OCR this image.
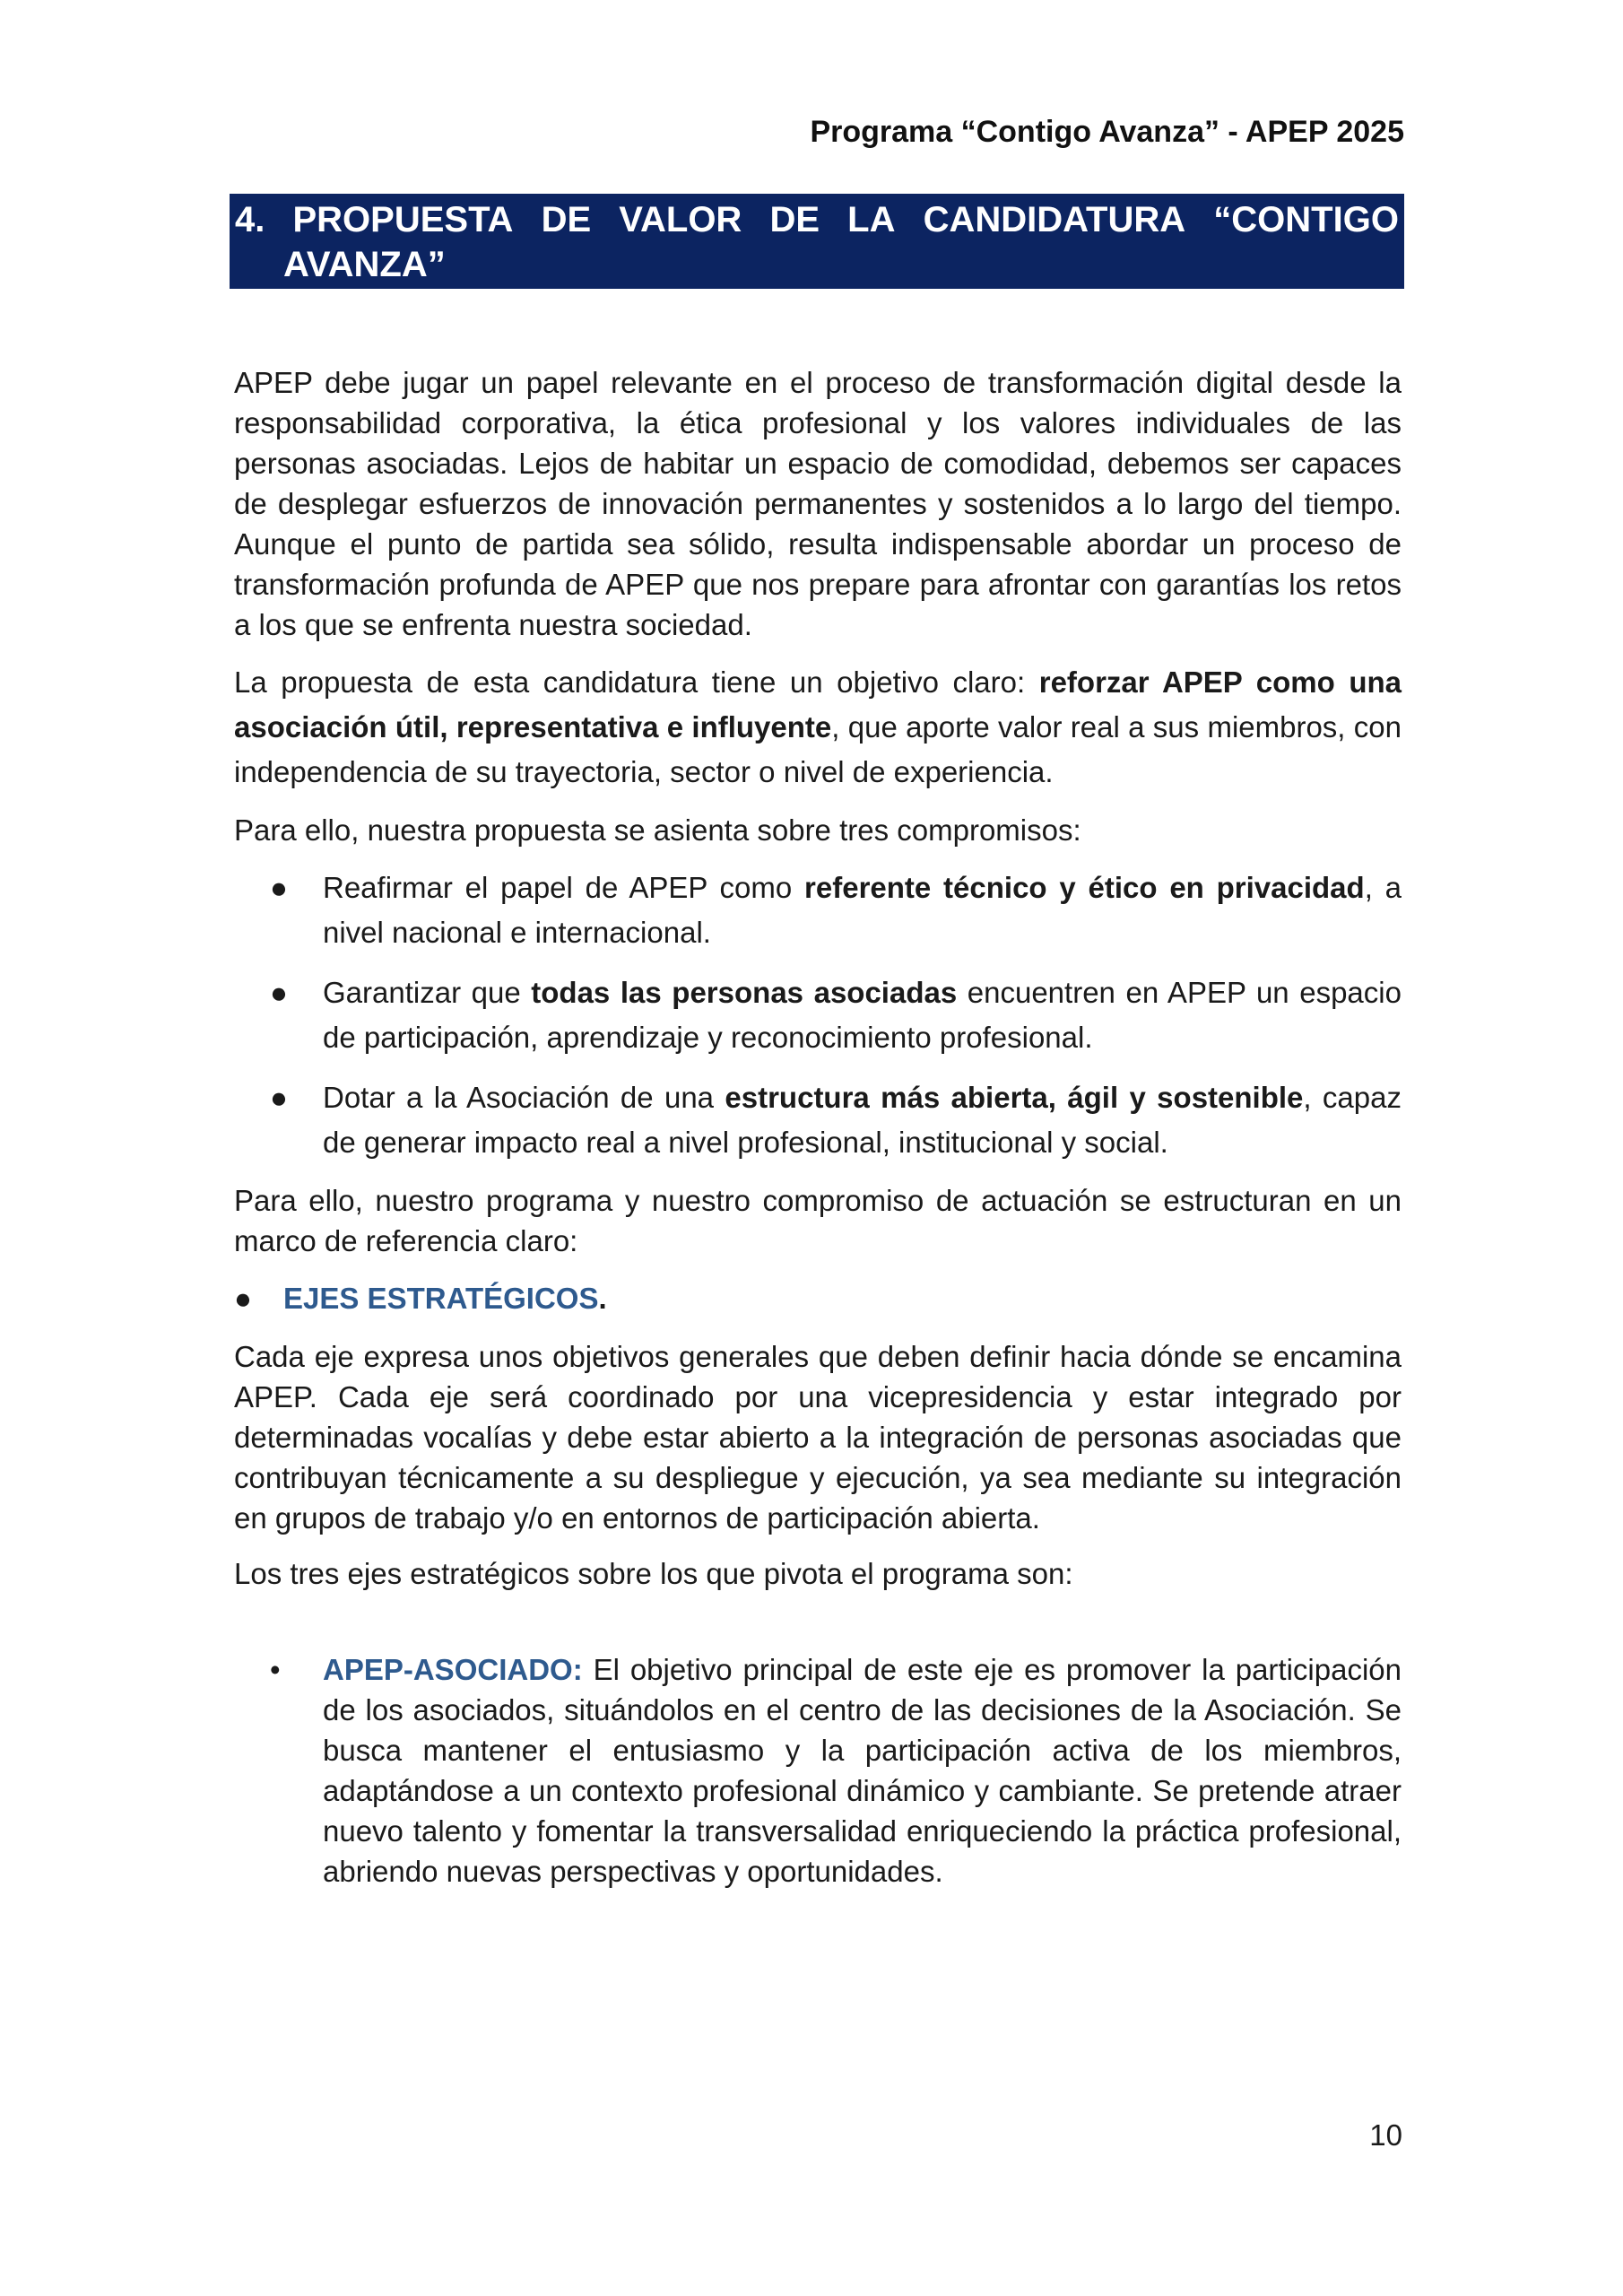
Programa “Contigo Avanza” - APEP 2025
4. PROPUESTA DE VALOR DE LA CANDIDATURA “CONTIGO
AVANZA”

APEP debe jugar un papel relevante en el proceso de transformación digital desde la responsabilidad corporativa, la ética profesional y los valores individuales de las personas asociadas. Lejos de habitar un espacio de comodidad, debemos ser capaces de desplegar esfuerzos de innovación permanentes y sostenidos a lo largo del tiempo. Aunque el punto de partida sea sólido, resulta indispensable abordar un proceso de transformación profunda de APEP que nos prepare para afrontar con garantías los retos a los que se enfrenta nuestra sociedad.

La propuesta de esta candidatura tiene un objetivo claro: reforzar APEP como una asociación útil, representativa e influyente, que aporte valor real a sus miembros, con independencia de su trayectoria, sector o nivel de experiencia.

Para ello, nuestra propuesta se asienta sobre tres compromisos:

● Reafirmar el papel de APEP como referente técnico y ético en privacidad, a nivel nacional e internacional.
● Garantizar que todas las personas asociadas encuentren en APEP un espacio de participación, aprendizaje y reconocimiento profesional.
● Dotar a la Asociación de una estructura más abierta, ágil y sostenible, capaz de generar impacto real a nivel profesional, institucional y social.

Para ello, nuestro programa y nuestro compromiso de actuación se estructuran en un marco de referencia claro:

● EJES ESTRATÉGICOS.

Cada eje expresa unos objetivos generales que deben definir hacia dónde se encamina APEP. Cada eje será coordinado por una vicepresidencia y estar integrado por determinadas vocalías y debe estar abierto a la integración de personas asociadas que contribuyan técnicamente a su despliegue y ejecución, ya sea mediante su integración en grupos de trabajo y/o en entornos de participación abierta.

Los tres ejes estratégicos sobre los que pivota el programa son:

• APEP-ASOCIADO: El objetivo principal de este eje es promover la participación de los asociados, situándolos en el centro de las decisiones de la Asociación. Se busca mantener el entusiasmo y la participación activa de los miembros, adaptándose a un contexto profesional dinámico y cambiante. Se pretende atraer nuevo talento y fomentar la transversalidad enriqueciendo la práctica profesional, abriendo nuevas perspectivas y oportunidades.
10
